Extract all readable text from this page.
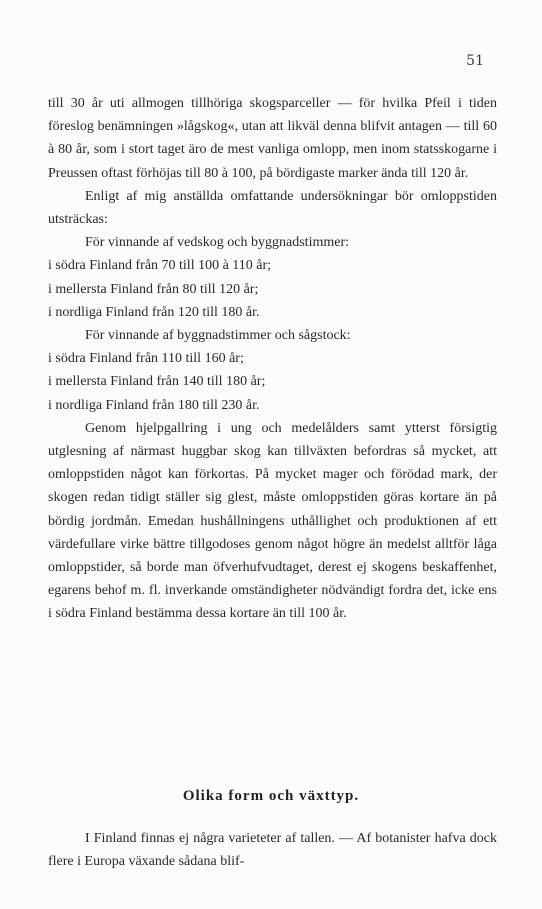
51

till 30 år uti allmogen tillhöriga skogsparceller — för hvilka Pfeil i tiden föreslog benämningen »lågskog«, utan att likväl denna blifvit antagen — till 60 à 80 år, som i stort taget äro de mest vanliga omlopp, men inom statsskogarne i Preussen oftast förhöjas till 80 à 100, på bördigaste marker ända till 120 år.

Enligt af mig anställda omfattande undersökningar bör omloppstiden utsträckas:

För vinnande af vedskog och byggnadstimmer:

i södra Finland från 70 till 100 à 110 år;
i mellersta Finland från 80 till 120 år;
i nordliga Finland från 120 till 180 år.

För vinnande af byggnadstimmer och sågstock:

i södra Finland från 110 till 160 år;
i mellersta Finland från 140 till 180 år;
i nordliga Finland från 180 till 230 år.

Genom hjelpgallring i ung och medelålders samt ytterst försigtig utglesning af närmast huggbar skog kan tillväxten befordras så mycket, att omloppstiden något kan förkortas. På mycket mager och förödad mark, der skogen redan tidigt ställer sig glest, måste omloppstiden göras kortare än på bördig jordmån. Emedan hushållningens uthållighet och produktionen af ett värdefullare virke bättre tillgodoses genom något högre än medelst alltför låga omloppstider, så borde man öfverhufvudtaget, derest ej skogens beskaffenhet, egarens behof m. fl. inverkande omständigheter nödvändigt fordra det, icke ens i södra Finland bestämma dessa kortare än till 100 år.

Olika form och växttyp.

I Finland finnas ej några varieteter af tallen. — Af botanister hafva dock flere i Europa växande sådana blif-
